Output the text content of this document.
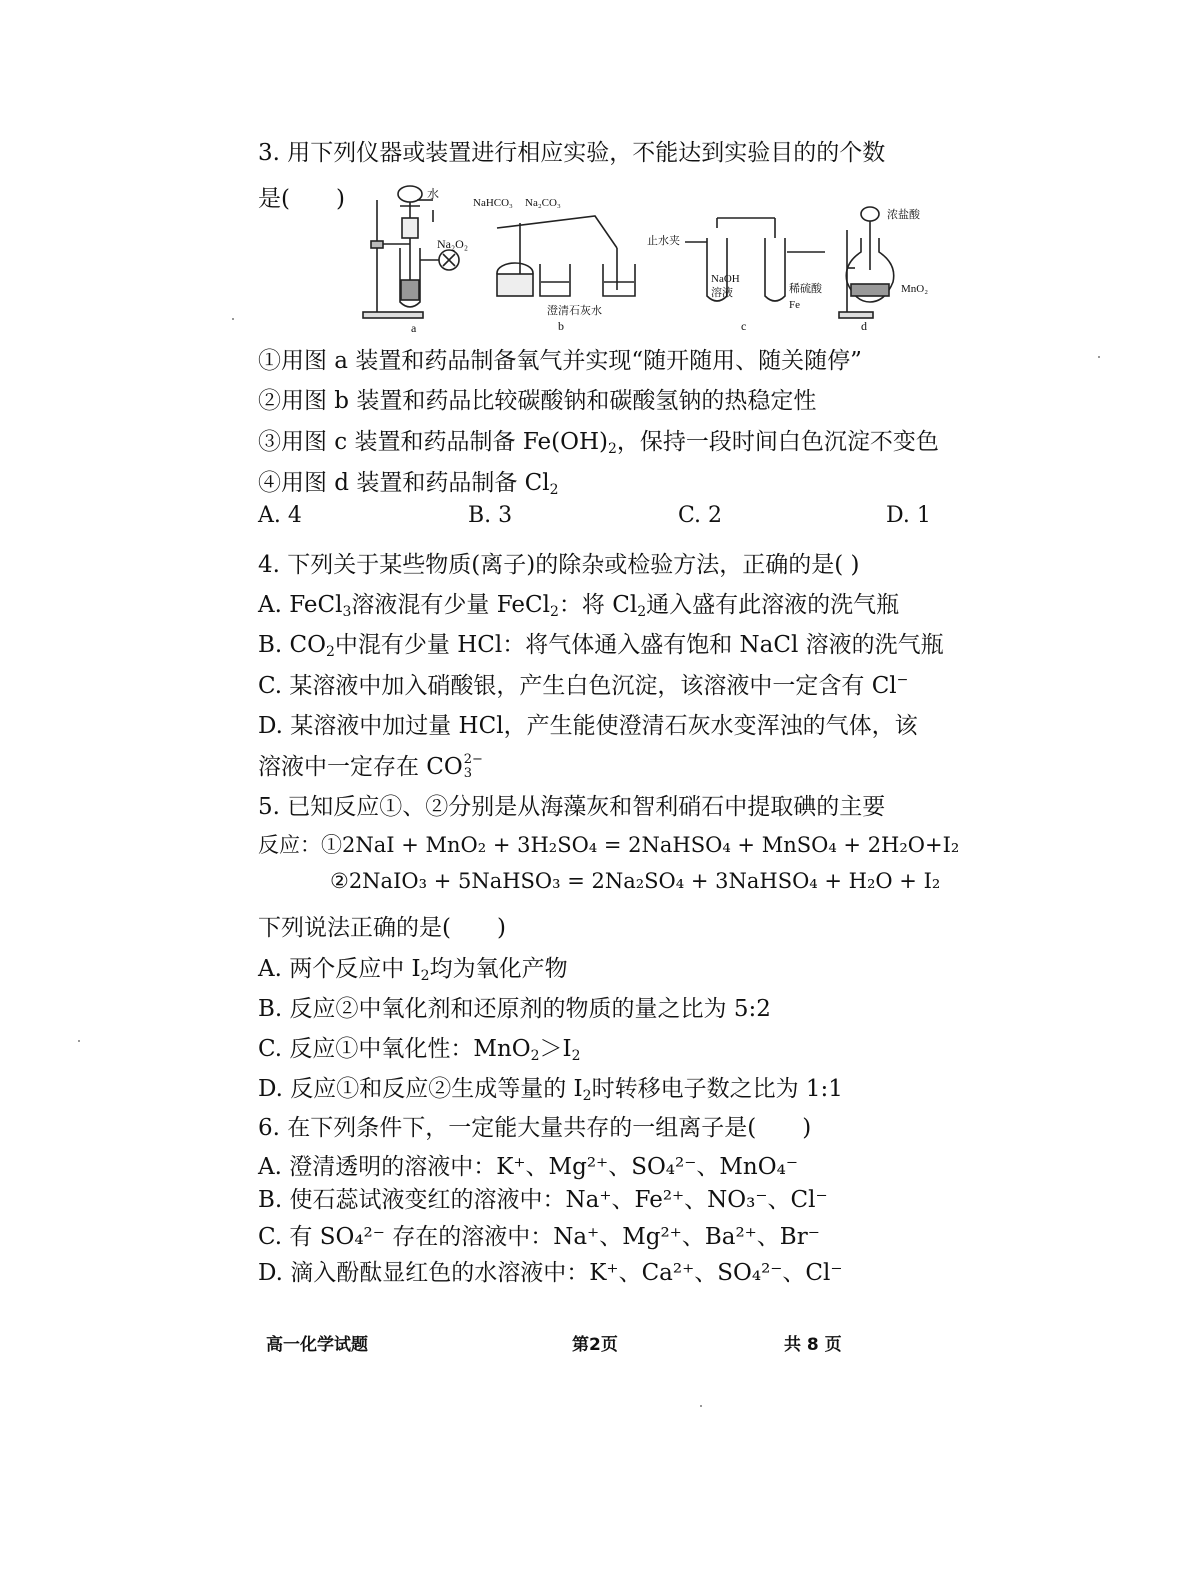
3. 用下列仪器或装置进行相应实验，不能达到实验目的的个数
是(　　)	水
Na₂O₂
a
NaHCO₃ Na₂CO₃
澄清石灰水
b
止水夹
NaOH
溶液	稀硫酸
Fe
c
浓盐酸
MnO₂
d
①用图 a 装置和药品制备氧气并实现“随开随用、随关随停”
②用图 b 装置和药品比较碳酸钠和碳酸氢钠的热稳定性
③用图 c 装置和药品制备 $Fe(OH)_2$，保持一段时间白色沉淀不变色
④用图 d 装置和药品制备 $Cl_2$
A. 4	B. 3	C. 2	D. 1
4. 下列关于某些物质(离子)的除杂或检验方法，正确的是( )
A. FeCl$_3$溶液混有少量 FeCl$_2$：将 $Cl_2$通入盛有此溶液的洗气瓶
B. $CO_2$中混有少量 HCl：将气体通入盛有饱和 NaCl 溶液的洗气瓶
C. 某溶液中加入硝酸银，产生白色沉淀，该溶液中一定含有 Cl−
D. 某溶液中加过量 HCl，产生能使澄清石灰水变浑浊的气体，该
溶液中一定存在 CO 2−
3
5. 已知反应①、②分别是从海藻灰和智利硝石中提取碘的主要
反应：①2NaI + MnO₂ + 3H₂SO₄ = 2NaHSO₄ + MnSO₄ + 2H₂O+I₂
②2NaIO₃ + 5NaHSO₃ = 2Na₂SO₄ + 3NaHSO₄ + H₂O + I₂
下列说法正确的是(　　)
A. 两个反应中 $I_2$均为氧化产物
B. 反应②中氧化剂和还原剂的物质的量之比为 5:2
C. 反应①中氧化性：$MnO_2>I_2$
D. 反应①和反应②生成等量的 $I_2$时转移电子数之比为 1:1
6. 在下列条件下，一定能大量共存的一组离子是(　　)
A. 澄清透明的溶液中：K⁺、Mg²⁺、SO₄²⁻、MnO₄⁻
B. 使石蕊试液变红的溶液中：Na⁺、Fe²⁺、NO₃⁻、Cl⁻
C. 有 SO₄²⁻ 存在的溶液中：Na⁺、Mg²⁺、Ba²⁺、Br⁻
D. 滴入酚酞显红色的水溶液中：K⁺、Ca²⁺、SO₄²⁻、Cl⁻
高一化学试题	第2页	共 8 页
